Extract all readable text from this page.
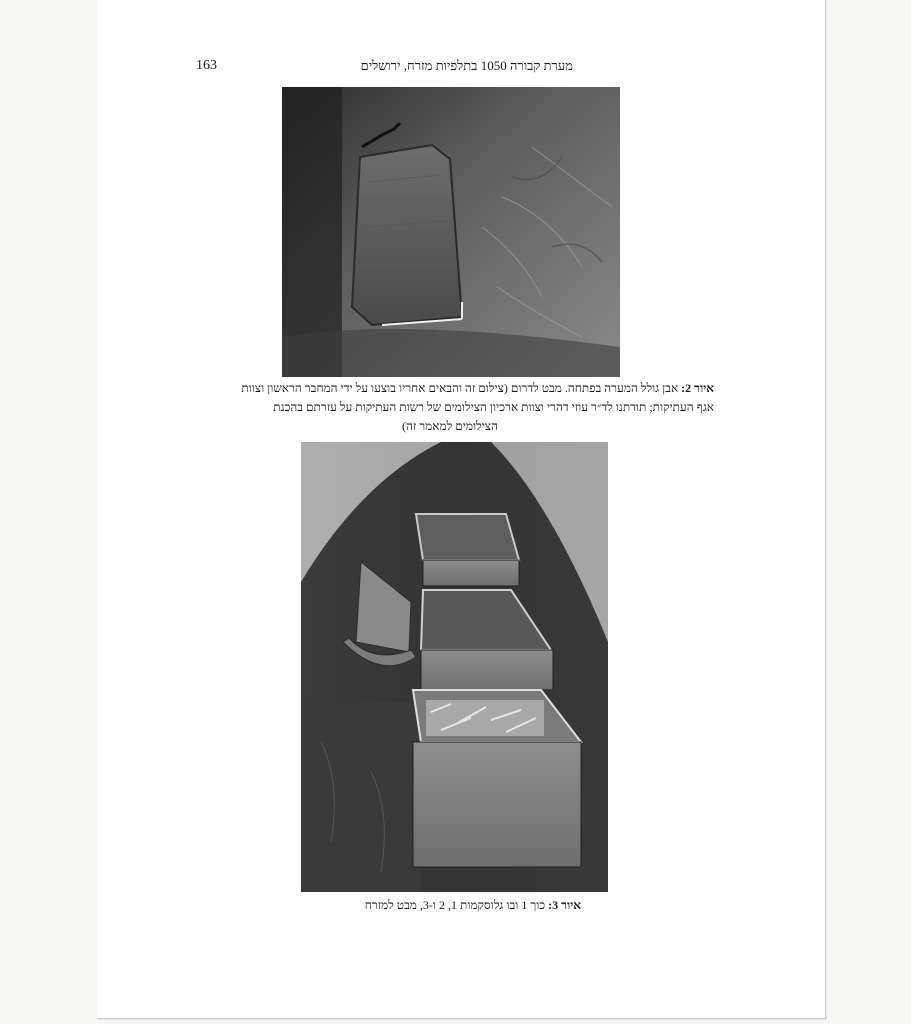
163	מערת קבורה 1050 בתלפיות מזרח, ירושלים
איור 2: אבן גולל המערה בפתחה. מבט לדרום (צילום זה והבאים אחריו בוצעו על ידי המחבר הראשון וצוות
אגף העתיקות; תודתנו לד״ר עוזי דהרי וצוות ארכיון הצילומים של רשות העתיקות על עזרתם בהכנת
הצילומים למאמר זה)
איור 3: כוך 1 ובו גלוסקמות 1, 2 ו-3, מבט למזרח
